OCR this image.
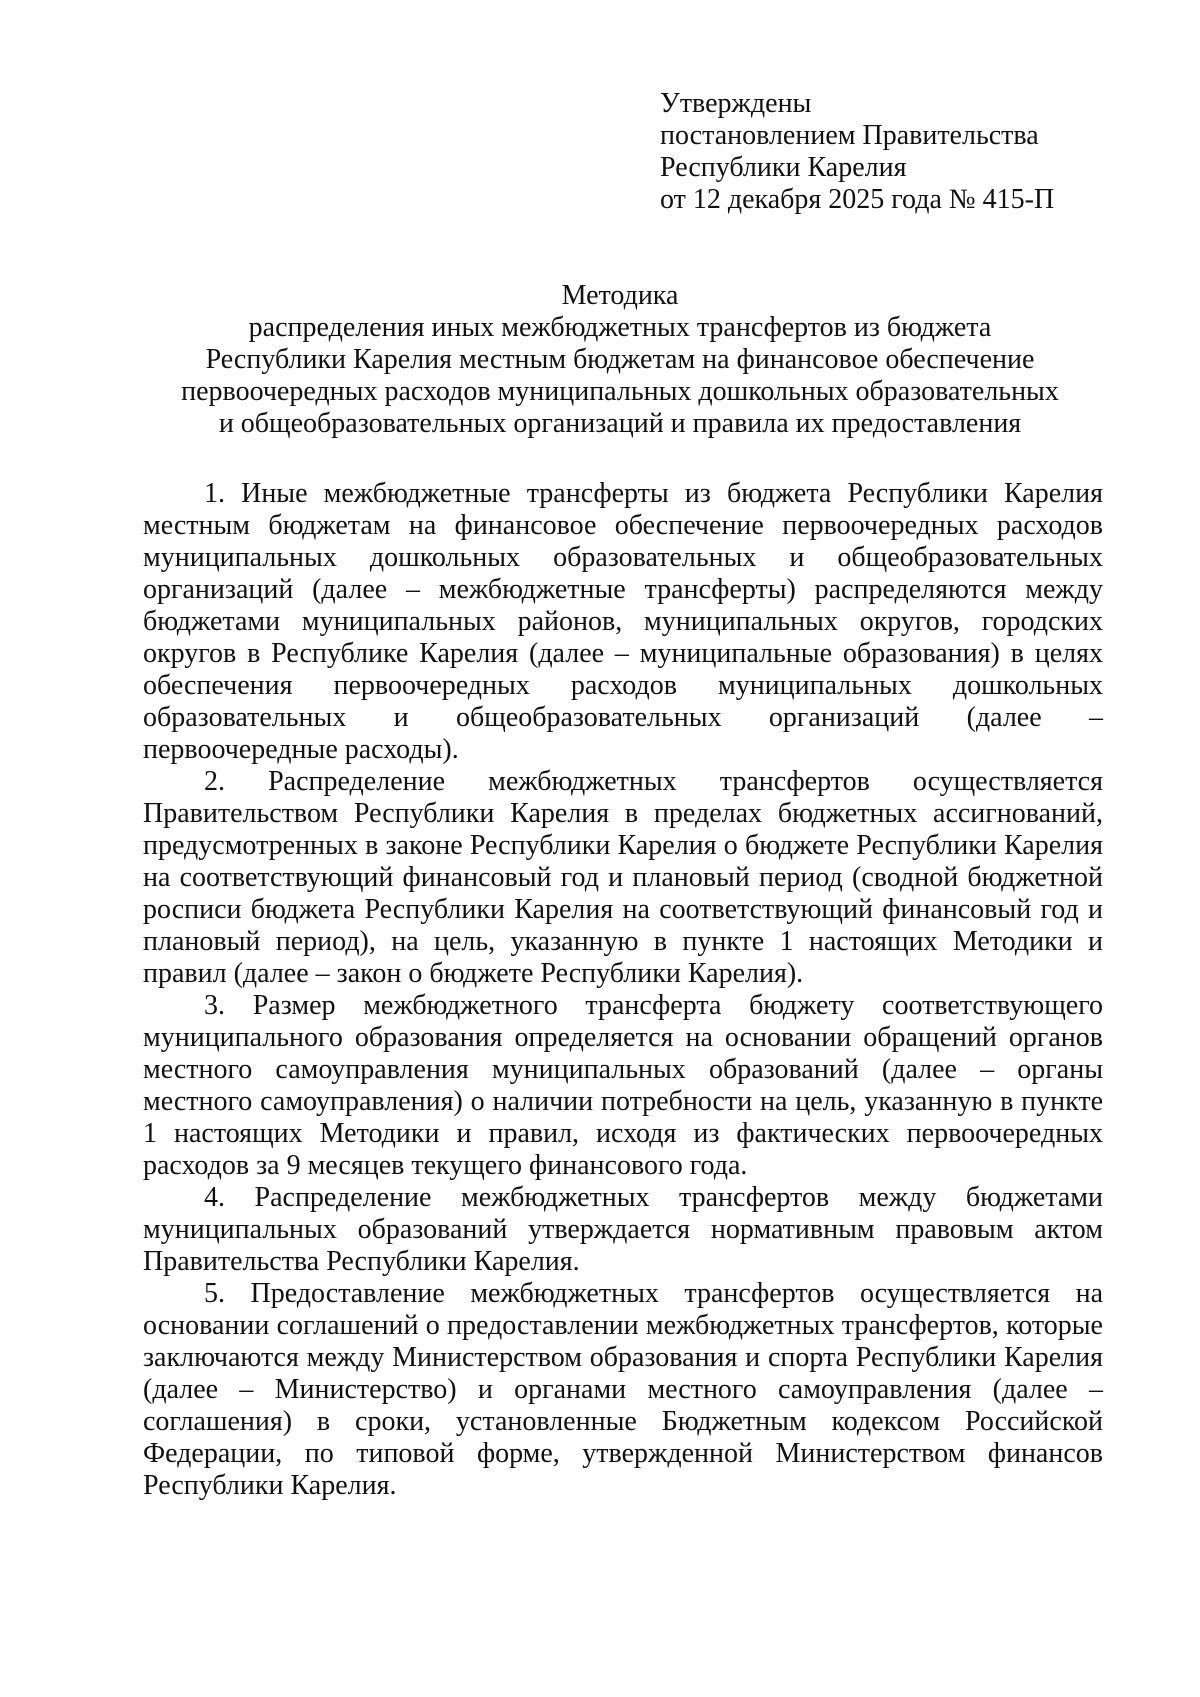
Утверждены
постановлением Правительства
Республики Карелия
от 12 декабря 2025 года № 415-П
Методика
распределения иных межбюджетных трансфертов из бюджета
Республики Карелия местным бюджетам на финансовое обеспечение
первоочередных расходов муниципальных дошкольных образовательных
и общеобразовательных организаций и правила их предоставления

1. Иные межбюджетные трансферты из бюджета Республики Карелия местным бюджетам на финансовое обеспечение первоочередных расходов муниципальных дошкольных образовательных и общеобразовательных организаций (далее – межбюджетные трансферты) распределяются между бюджетами муниципальных районов, муниципальных округов, городских округов в Республике Карелия (далее – муниципальные образования) в целях обеспечения первоочередных расходов муниципальных дошкольных образовательных и общеобразовательных организаций (далее – первоочередные расходы).

2. Распределение межбюджетных трансфертов осуществляется Правительством Республики Карелия в пределах бюджетных ассигнований, предусмотренных в законе Республики Карелия о бюджете Республики Карелия на соответствующий финансовый год и плановый период (сводной бюджетной росписи бюджета Республики Карелия на соответствующий финансовый год и плановый период), на цель, указанную в пункте 1 настоящих Методики и правил (далее – закон о бюджете Республики Карелия).

3. Размер межбюджетного трансферта бюджету соответствующего муниципального образования определяется на основании обращений органов местного самоуправления муниципальных образований (далее – органы местного самоуправления) о наличии потребности на цель, указанную в пункте 1 настоящих Методики и правил, исходя из фактических первоочередных расходов за 9 месяцев текущего финансового года.

4. Распределение межбюджетных трансфертов между бюджетами муниципальных образований утверждается нормативным правовым актом Правительства Республики Карелия.

5. Предоставление межбюджетных трансфертов осуществляется на основании соглашений о предоставлении межбюджетных трансфертов, которые заключаются между Министерством образования и спорта Республики Карелия (далее – Министерство) и органами местного самоуправления (далее – соглашения) в сроки, установленные Бюджетным кодексом Российской Федерации, по типовой форме, утвержденной Министерством финансов Республики Карелия.
